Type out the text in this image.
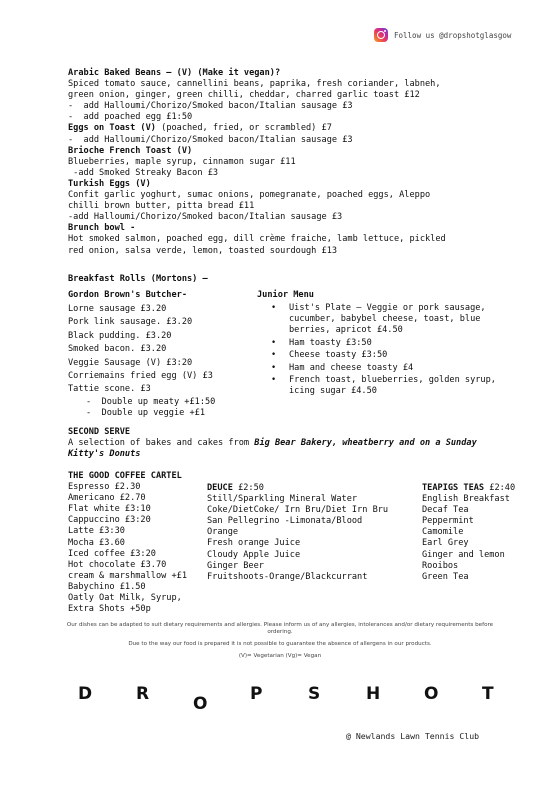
Follow us @dropshotglasgow
Arabic Baked Beans – (V) (Make it vegan)?
Spiced tomato sauce, cannellini beans, paprika, fresh coriander, labneh,
green onion, ginger, green chilli, cheddar, charred garlic toast £12
-  add Halloumi/Chorizo/Smoked bacon/Italian sausage £3
-  add poached egg £1:50
Eggs on Toast (V) (poached, fried, or scrambled) £7
-  add Halloumi/Chorizo/Smoked bacon/Italian sausage £3
Brioche French Toast (V)
Blueberries, maple syrup, cinnamon sugar £11
-add Smoked Streaky Bacon £3
Turkish Eggs (V)
Confit garlic yoghurt, sumac onions, pomegranate, poached eggs, Aleppo
chilli brown butter, pitta bread £11
-add Halloumi/Chorizo/Smoked bacon/Italian sausage £3
Brunch bowl -
Hot smoked salmon, poached egg, dill crème fraiche, lamb lettuce, pickled
red onion, salsa verde, lemon, toasted sourdough £13
Breakfast Rolls (Mortons) –
Gordon Brown's Butcher-
Lorne sausage £3.20
Pork link sausage. £3.20
Black pudding. £3.20
Smoked bacon. £3.20
Veggie Sausage (V) £3:20
Corriemains fried egg (V) £3
Tattie scone. £3
-  Double up meaty +£1:50
-  Double up veggie +£1
Junior Menu
• Uist's Plate – Veggie or pork sausage, cucumber, babybel cheese, toast, blue berries, apricot £4.50
• Ham toasty £3:50
• Cheese toasty £3:50
• Ham and cheese toasty £4
• French toast, blueberries, golden syrup, icing sugar £4.50
SECOND SERVE
A selection of bakes and cakes from Big Bear Bakery, wheatberry and on a Sunday Kitty's Donuts
THE GOOD COFFEE CARTEL
Espresso £2.30
Americano £2.70
Flat white £3:10
Cappuccino £3:20
Latte £3:30
Mocha £3.60
Iced coffee £3:20
Hot chocolate £3.70
cream & marshmallow +£1
Babychino £1.50
Oatly Oat Milk, Syrup,
Extra Shots +50p
DEUCE £2:50
Still/Sparkling Mineral Water
Coke/DietCoke/ Irn Bru/Diet Irn Bru
San Pellegrino -Limonata/Blood
Orange
Fresh orange Juice
Cloudy Apple Juice
Ginger Beer
Fruitshoots-Orange/Blackcurrant
TEAPIGS TEAS £2:40
English Breakfast
Decaf Tea
Peppermint
Camomile
Earl Grey
Ginger and lemon
Rooibos
Green Tea

Our dishes can be adapted to suit dietary requirements and allergies. Please inform us of any allergies, intolerances and/or dietary requirements before ordering.

Due to the way our food is prepared it is not possible to guarantee the absence of allergens in our products.

(V)= Vegetarian (Vg)= Vegan

D	R	O	P	S	H	O	T
@ Newlands Lawn Tennis Club
